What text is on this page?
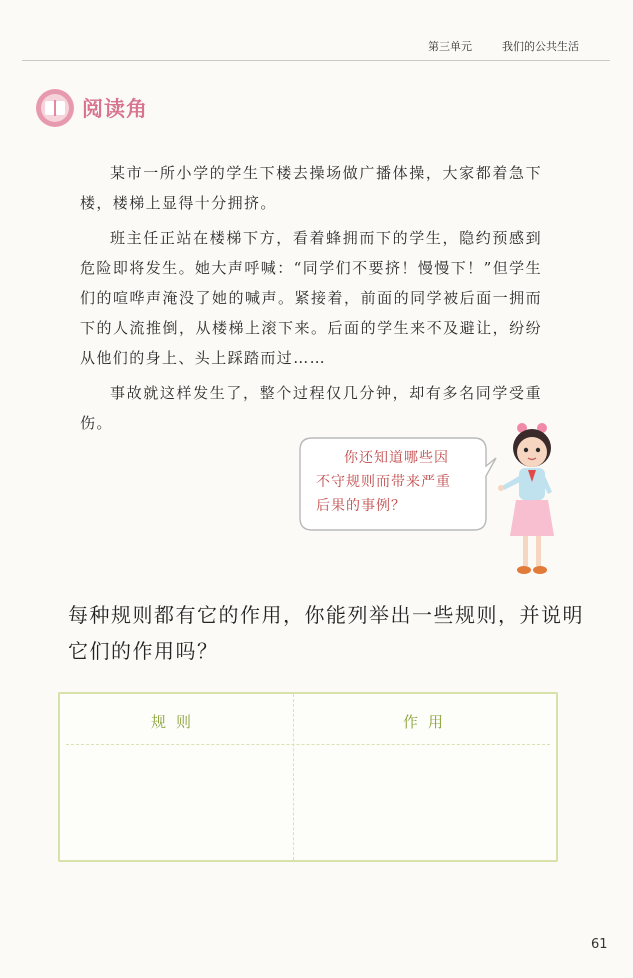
第三单元	我们的公共生活
阅读角

某市一所小学的学生下楼去操场做广播体操，大家都着急下楼，楼梯上显得十分拥挤。

班主任正站在楼梯下方，看着蜂拥而下的学生，隐约预感到危险即将发生。她大声呼喊：“同学们不要挤！慢慢下！”但学生们的喧哗声淹没了她的喊声。紧接着，前面的同学被后面一拥而下的人流推倒，从楼梯上滚下来。后面的学生来不及避让，纷纷从他们的身上、头上踩踏而过……

事故就这样发生了，整个过程仅几分钟，却有多名同学受重伤。

你还知道哪些因
不守规则而带来严重
后果的事例？
每种规则都有它的作用，你能列举出一些规则，并说明它们的作用吗？
规则	作用
61
